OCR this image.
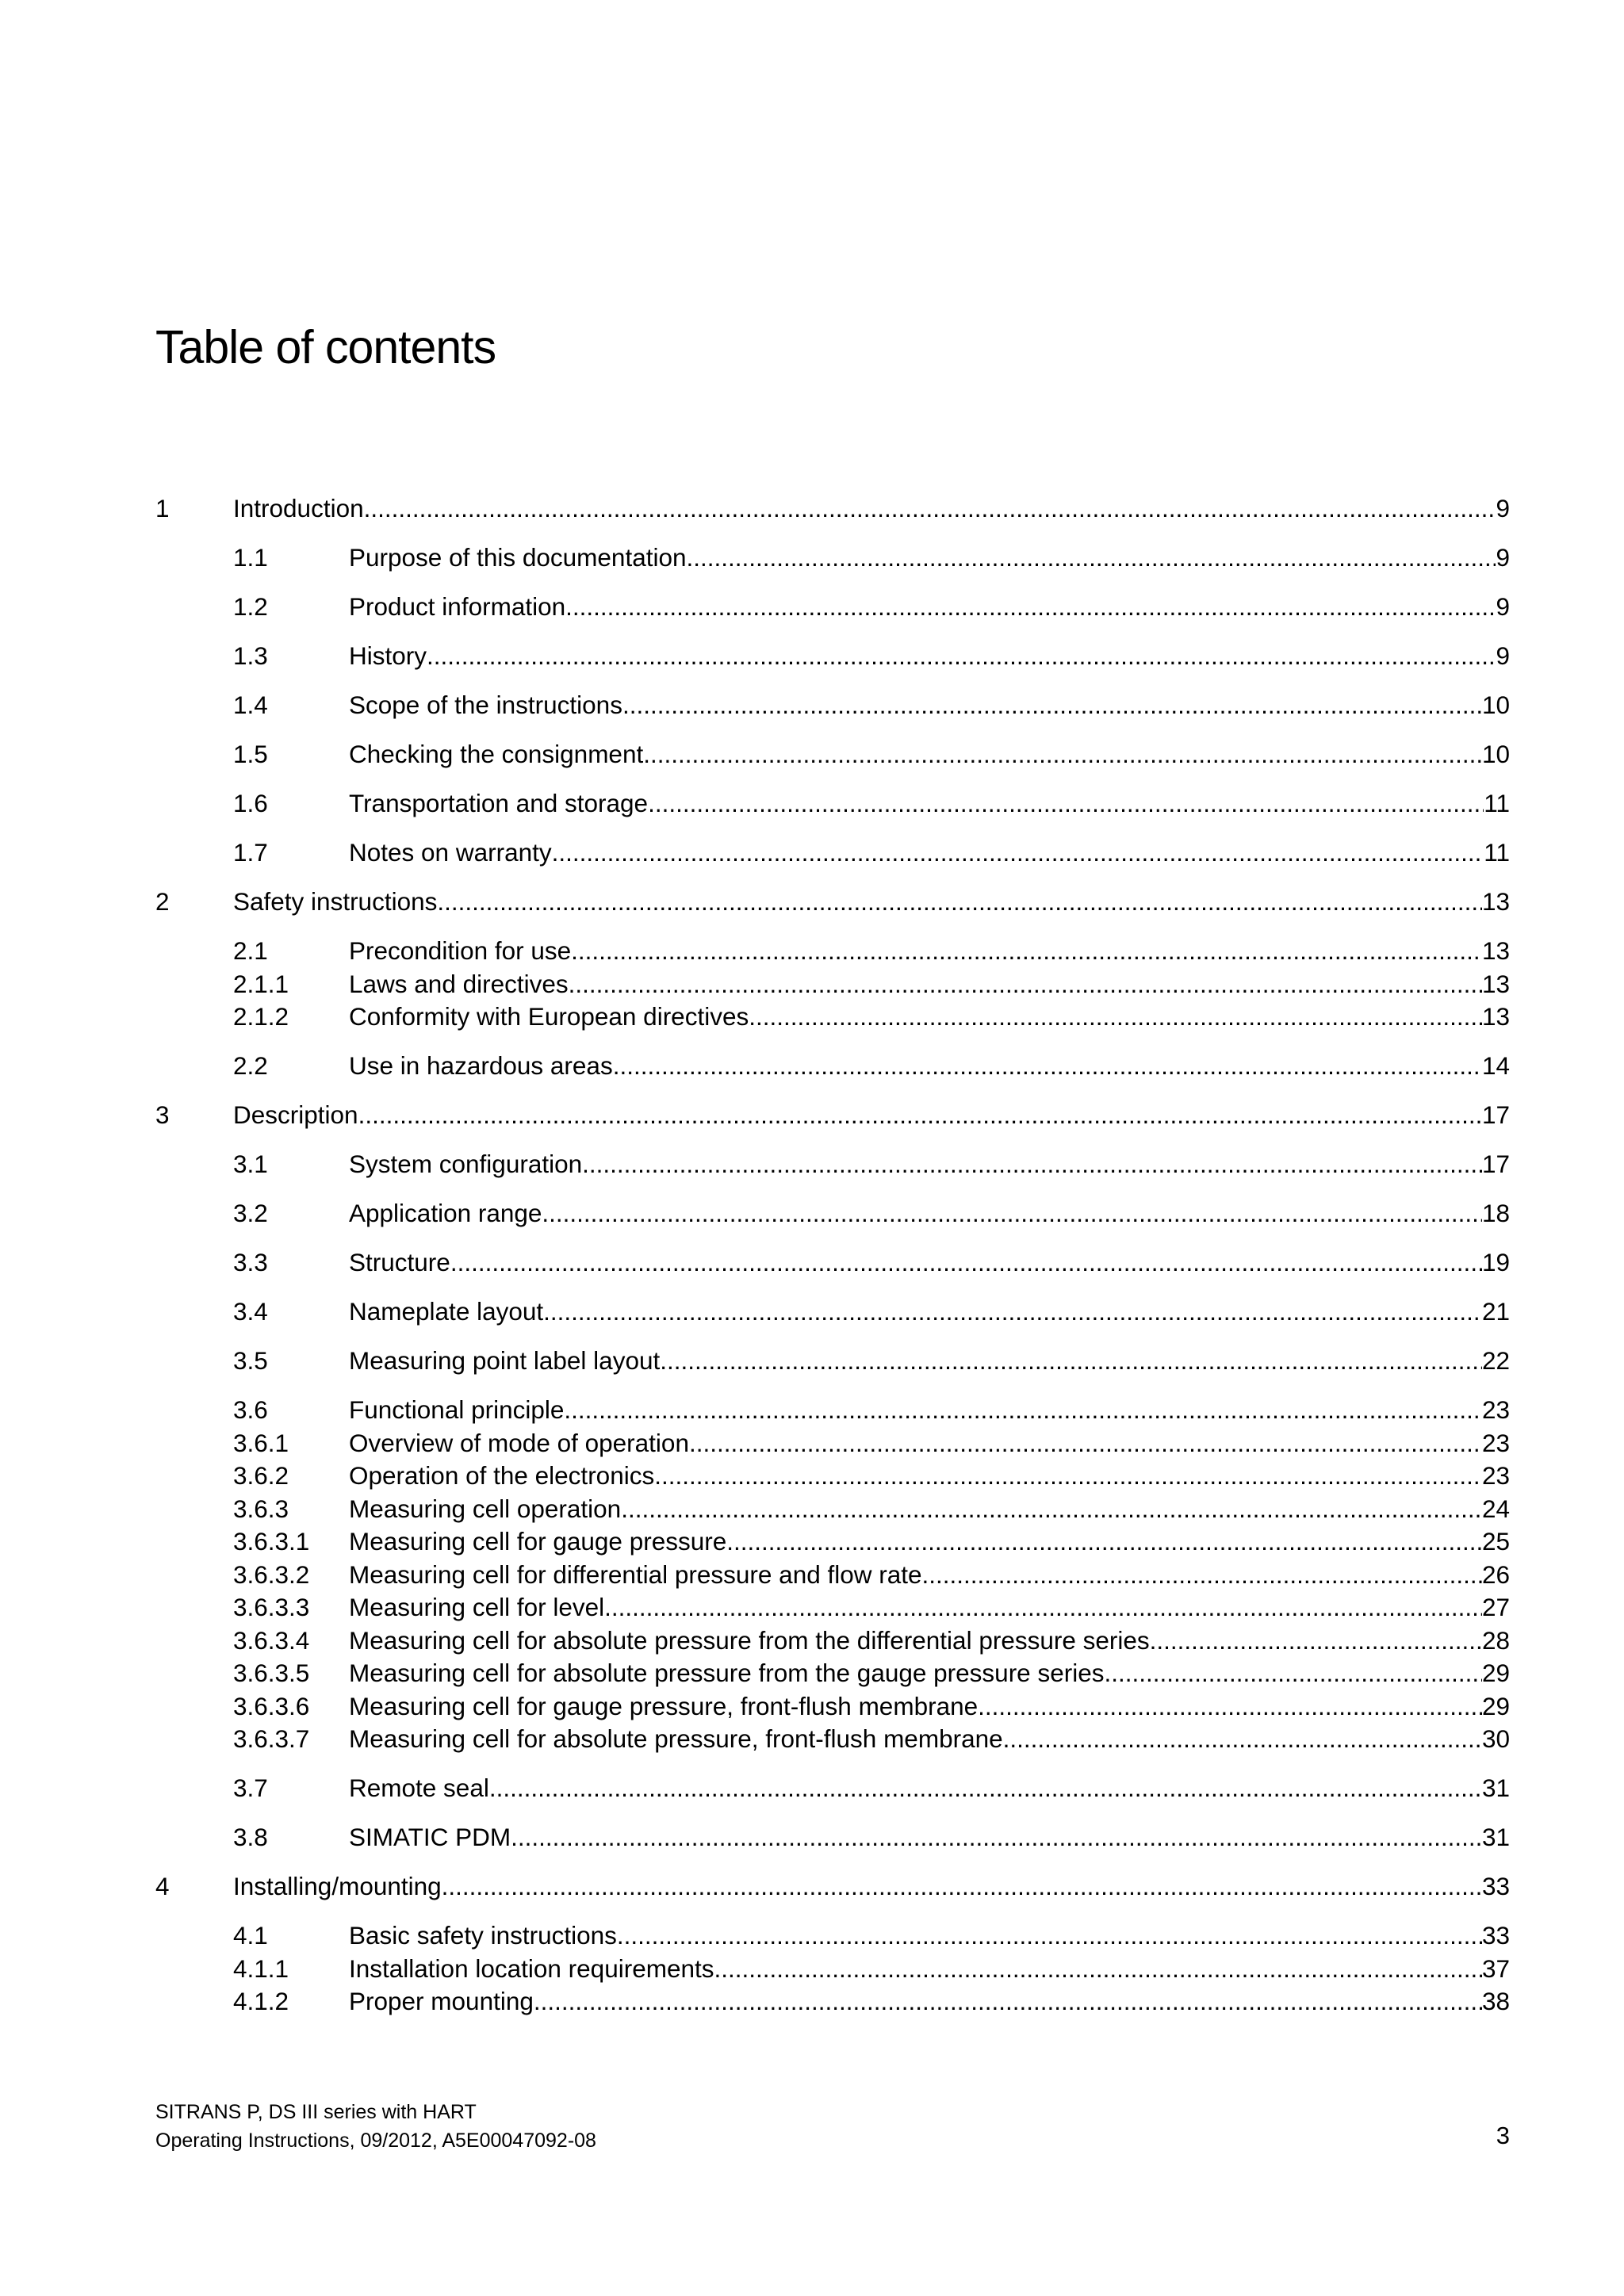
Table of contents
1	Introduction .....	9
1.1	Purpose of this documentation .....	9
1.2	Product information .....	9
1.3	History .....	9
1.4	Scope of the instructions .....	10
1.5	Checking the consignment .....	10
1.6	Transportation and storage .....	11
1.7	Notes on warranty .....	11
2	Safety instructions .....	13
2.1	Precondition for use .....	13
2.1.1 Laws and directives .....	13
2.1.2 Conformity with European directives .....	13
2.2	Use in hazardous areas .....	14
3	Description .....	17
3.1	System configuration .....	17
3.2	Application range .....	18
3.3	Structure .....	19
3.4	Nameplate layout .....	21
3.5	Measuring point label layout .....	22
3.6	Functional principle .....	23
3.6.1 Overview of mode of operation .....	23
3.6.2 Operation of the electronics .....	23
3.6.3 Measuring cell operation .....	24
3.6.3.1 Measuring cell for gauge pressure .....	25
3.6.3.2 Measuring cell for differential pressure and flow rate .....	26
3.6.3.3 Measuring cell for level .....	27
3.6.3.4 Measuring cell for absolute pressure from the differential pressure series .....	28
3.6.3.5 Measuring cell for absolute pressure from the gauge pressure series .....	29
3.6.3.6 Measuring cell for gauge pressure, front-flush membrane .....	29
3.6.3.7 Measuring cell for absolute pressure, front-flush membrane .....	30
3.7	Remote seal .....	31
3.8	SIMATIC PDM .....	31
4	Installing/mounting .....	33
4.1	Basic safety instructions .....	33
4.1.1 Installation location requirements .....	37
4.1.2 Proper mounting .....	38
SITRANS P, DS III series with HART
Operating Instructions, 09/2012, A5E00047092-08	3
